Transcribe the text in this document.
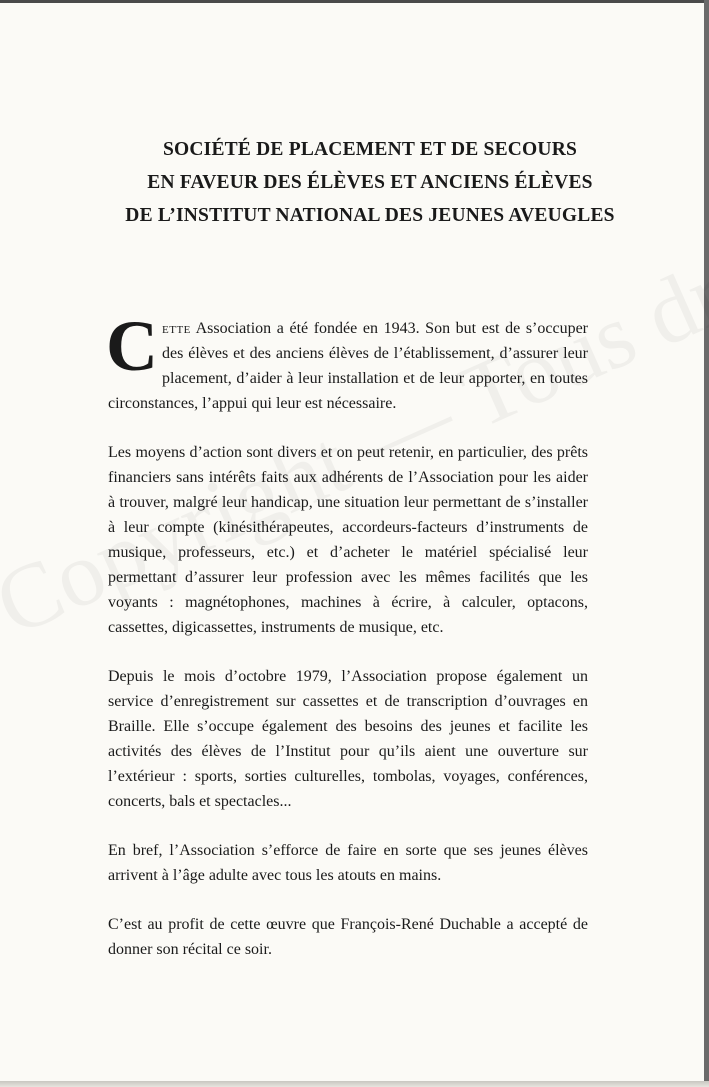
SOCIÉTÉ DE PLACEMENT ET DE SECOURS
EN FAVEUR DES ÉLÈVES ET ANCIENS ÉLÈVES
DE L’INSTITUT NATIONAL DES JEUNES AVEUGLES

Cette Association a été fondée en 1943. Son but est de s’occuper des élèves et des anciens élèves de l’établissement, d’assurer leur placement, d’aider à leur installation et de leur apporter, en toutes circonstances, l’appui qui leur est nécessaire.

Les moyens d’action sont divers et on peut retenir, en particulier, des prêts financiers sans intérêts faits aux adhérents de l’Association pour les aider à trouver, malgré leur handicap, une situation leur permettant de s’installer à leur compte (kinésithérapeutes, accordeurs-facteurs d’instruments de musique, professeurs, etc.) et d’acheter le matériel spécialisé leur permettant d’assurer leur profession avec les mêmes facilités que les voyants : magnétophones, machines à écrire, à calculer, optacons, cassettes, digicassettes, instruments de musique, etc.

Depuis le mois d’octobre 1979, l’Association propose également un service d’enregistrement sur cassettes et de transcription d’ouvrages en Braille. Elle s’occupe également des besoins des jeunes et facilite les activités des élèves de l’Institut pour qu’ils aient une ouverture sur l’extérieur : sports, sorties culturelles, tombolas, voyages, conférences, concerts, bals et spectacles...

En bref, l’Association s’efforce de faire en sorte que ses jeunes élèves arrivent à l’âge adulte avec tous les atouts en mains.

C’est au profit de cette œuvre que François-René Duchable a accepté de donner son récital ce soir.
